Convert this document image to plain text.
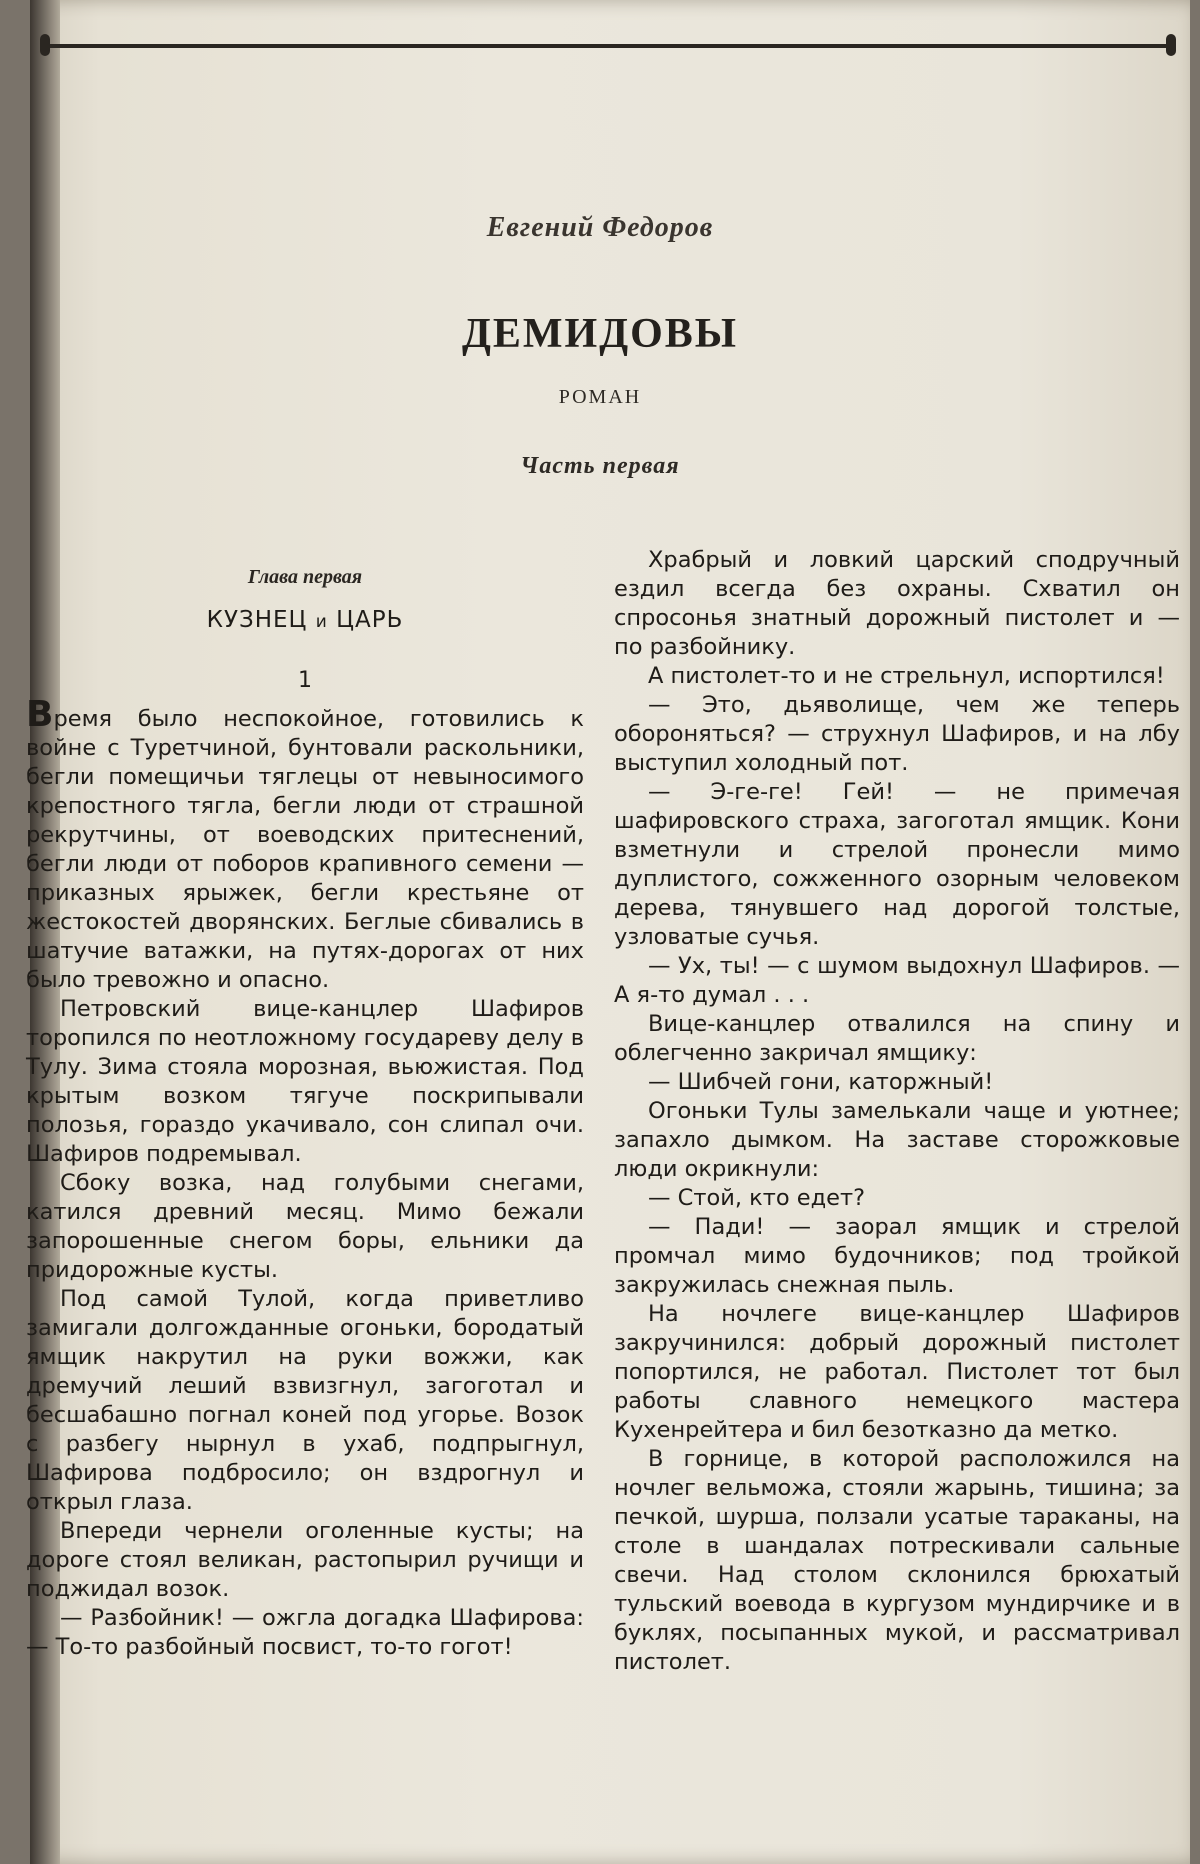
Евгений Федоров
ДЕМИДОВЫ
РОМАН
Часть первая
Глава первая
КУЗНЕЦ и ЦАРЬ
1

Время было неспокойное, готовились к войне с Туретчиной, бунтовали раскольники, бегли помещичьи тяглецы от невыносимого крепостного тягла, бегли люди от страшной рекрутчины, от воеводских притеснений, бегли люди от поборов крапивного семени — приказных ярыжек, бегли крестьяне от жестокостей дворянских. Беглые сбивались в шатучие ватажки, на путях-дорогах от них было тревожно и опасно.

Петровский вице-канцлер Шафиров торопился по неотложному государеву делу в Тулу. Зима стояла морозная, вьюжистая. Под крытым возком тягуче поскрипывали полозья, гораздо укачивало, сон слипал очи. Шафиров подремывал.

Сбоку возка, над голубыми снегами, катился древний месяц. Мимо бежали запорошенные снегом боры, ельники да придорожные кусты.

Под самой Тулой, когда приветливо замигали долгожданные огоньки, бородатый ямщик накрутил на руки вожжи, как дремучий леший взвизгнул, загоготал и бесшабашно погнал коней под угорье. Возок с разбегу нырнул в ухаб, подпрыгнул, Шафирова подбросило; он вздрогнул и открыл глаза.

Впереди чернели оголенные кусты; на дороге стоял великан, растопырил ручищи и поджидал возок.

— Разбойник! — ожгла догадка Шафирова: — То-то разбойный посвист, то-то гогот!

Храбрый и ловкий царский сподручный ездил всегда без охраны. Схватил он спросонья знатный дорожный пистолет и — по разбойнику.

А пистолет-то и не стрельнул, испортился!

— Это, дьяволище, чем же теперь обороняться? — струхнул Шафиров, и на лбу выступил холодный пот.

— Э-ге-ге! Гей! — не примечая шафировского страха, загоготал ямщик. Кони взметнули и стрелой пронесли мимо дуплистого, сожженного озорным человеком дерева, тянувшего над дорогой толстые, узловатые сучья.

— Ух, ты! — с шумом выдохнул Шафиров. — А я-то думал . . .

Вице-канцлер отвалился на спину и облегченно закричал ямщику:

— Шибчей гони, каторжный!

Огоньки Тулы замелькали чаще и уютнее; запахло дымком. На заставе сторожковые люди окрикнули:

— Стой, кто едет?

— Пади! — заорал ямщик и стрелой промчал мимо будочников; под тройкой закружилась снежная пыль.

На ночлеге вице-канцлер Шафиров закручинился: добрый дорожный пистолет попортился, не работал. Пистолет тот был работы славного немецкого мастера Кухенрейтера и бил безотказно да метко.

В горнице, в которой расположился на ночлег вельможа, стояли жарынь, тишина; за печкой, шурша, ползали усатые тараканы, на столе в шандалах потрескивали сальные свечи. Над столом склонился брюхатый тульский воевода в кургузом мундирчике и в буклях, посыпанных мукой, и рассматривал пистолет.
